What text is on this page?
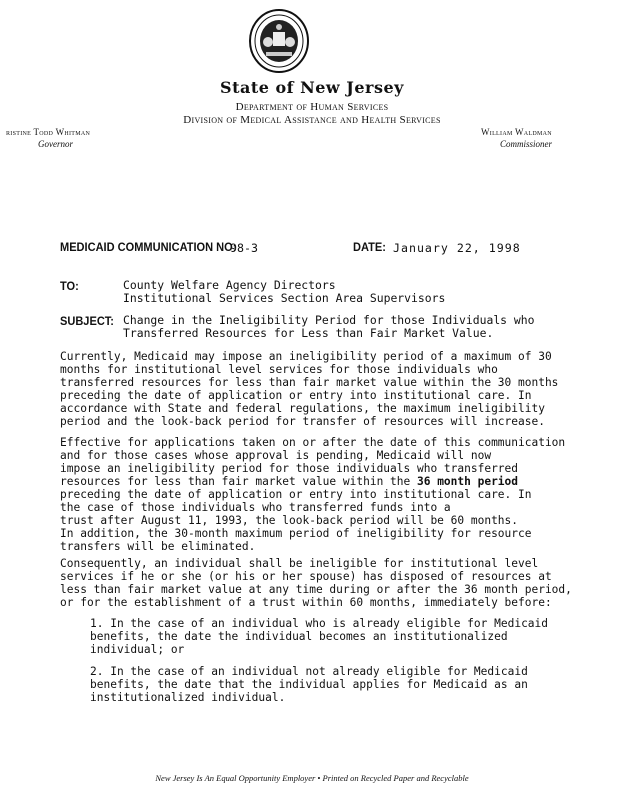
State of New Jersey
Department of Human Services
Division of Medical Assistance and Health Services
ristine Todd Whitman
Governor
William Waldman
Commissioner
MEDICAID COMMUNICATION NO:
98-3	DATE: January 22, 1998
TO:	County Welfare Agency Directors
Institutional Services Section Area Supervisors
SUBJECT: Change in the Ineligibility Period for those Individuals who
Transferred Resources for Less than Fair Market Value.
Currently, Medicaid may impose an ineligibility period of a maximum of 30
months for institutional level services for those individuals who
transferred resources for less than fair market value within the 30 months
preceding the date of application or entry into institutional care. In
accordance with State and federal regulations, the maximum ineligibility
period and the look-back period for transfer of resources will increase.
Effective for applications taken on or after the date of this communication
and for those cases whose approval is pending, Medicaid will now
impose an ineligibility period for those individuals who transferred
resources for less than fair market value within the 36 month period
preceding the date of application or entry into institutional care. In
the case of those individuals who transferred funds into a
trust after August 11, 1993, the look-back period will be 60 months.
In addition, the 30-month maximum period of ineligibility for resource
transfers will be eliminated.
Consequently, an individual shall be ineligible for institutional level
services if he or she (or his or her spouse) has disposed of resources at
less than fair market value at any time during or after the 36 month period,
or for the establishment of a trust within 60 months, immediately before:
1. In the case of an individual who is already eligible for Medicaid
benefits, the date the individual becomes an institutionalized
individual; or
2. In the case of an individual not already eligible for Medicaid
benefits, the date that the individual applies for Medicaid as an
institutionalized individual.
New Jersey Is An Equal Opportunity Employer • Printed on Recycled Paper and Recyclable
